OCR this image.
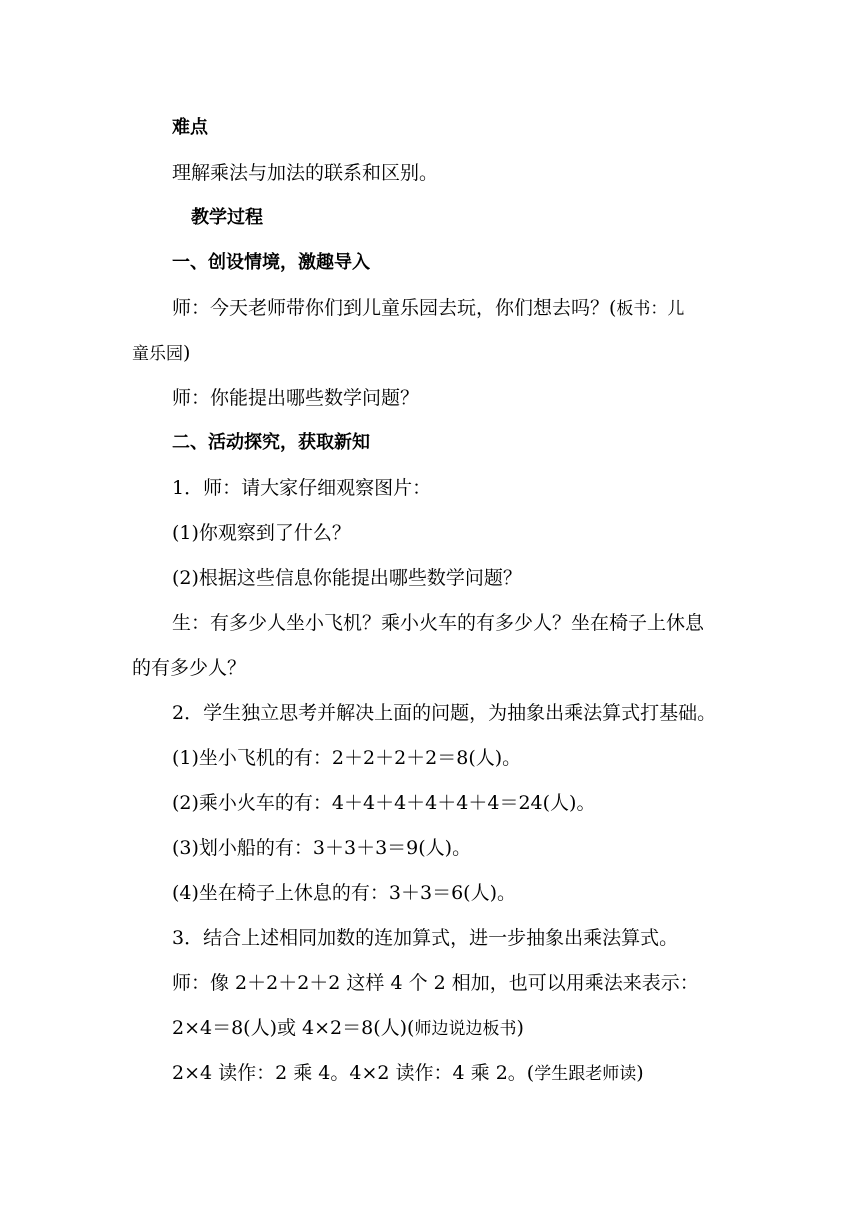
难点
理解乘法与加法的联系和区别。
教学过程
一、创设情境，激趣导入
师：今天老师带你们到儿童乐园去玩，你们想去吗？(板书：儿
童乐园)
师：你能提出哪些数学问题？
二、活动探究，获取新知
1．师：请大家仔细观察图片：
(1)你观察到了什么？
(2)根据这些信息你能提出哪些数学问题？
生：有多少人坐小飞机？乘小火车的有多少人？坐在椅子上休息
的有多少人？
2．学生独立思考并解决上面的问题，为抽象出乘法算式打基础。
(1)坐小飞机的有：2＋2＋2＋2＝8(人)。
(2)乘小火车的有：4＋4＋4＋4＋4＋4＝24(人)。
(3)划小船的有：3＋3＋3＝9(人)。
(4)坐在椅子上休息的有：3＋3＝6(人)。
3．结合上述相同加数的连加算式，进一步抽象出乘法算式。
师：像 2＋2＋2＋2 这样 4 个 2 相加，也可以用乘法来表示：
2×4＝8(人)或 4×2＝8(人)(师边说边板书)
2×4 读作：2 乘 4。4×2 读作：4 乘 2。(学生跟老师读)
